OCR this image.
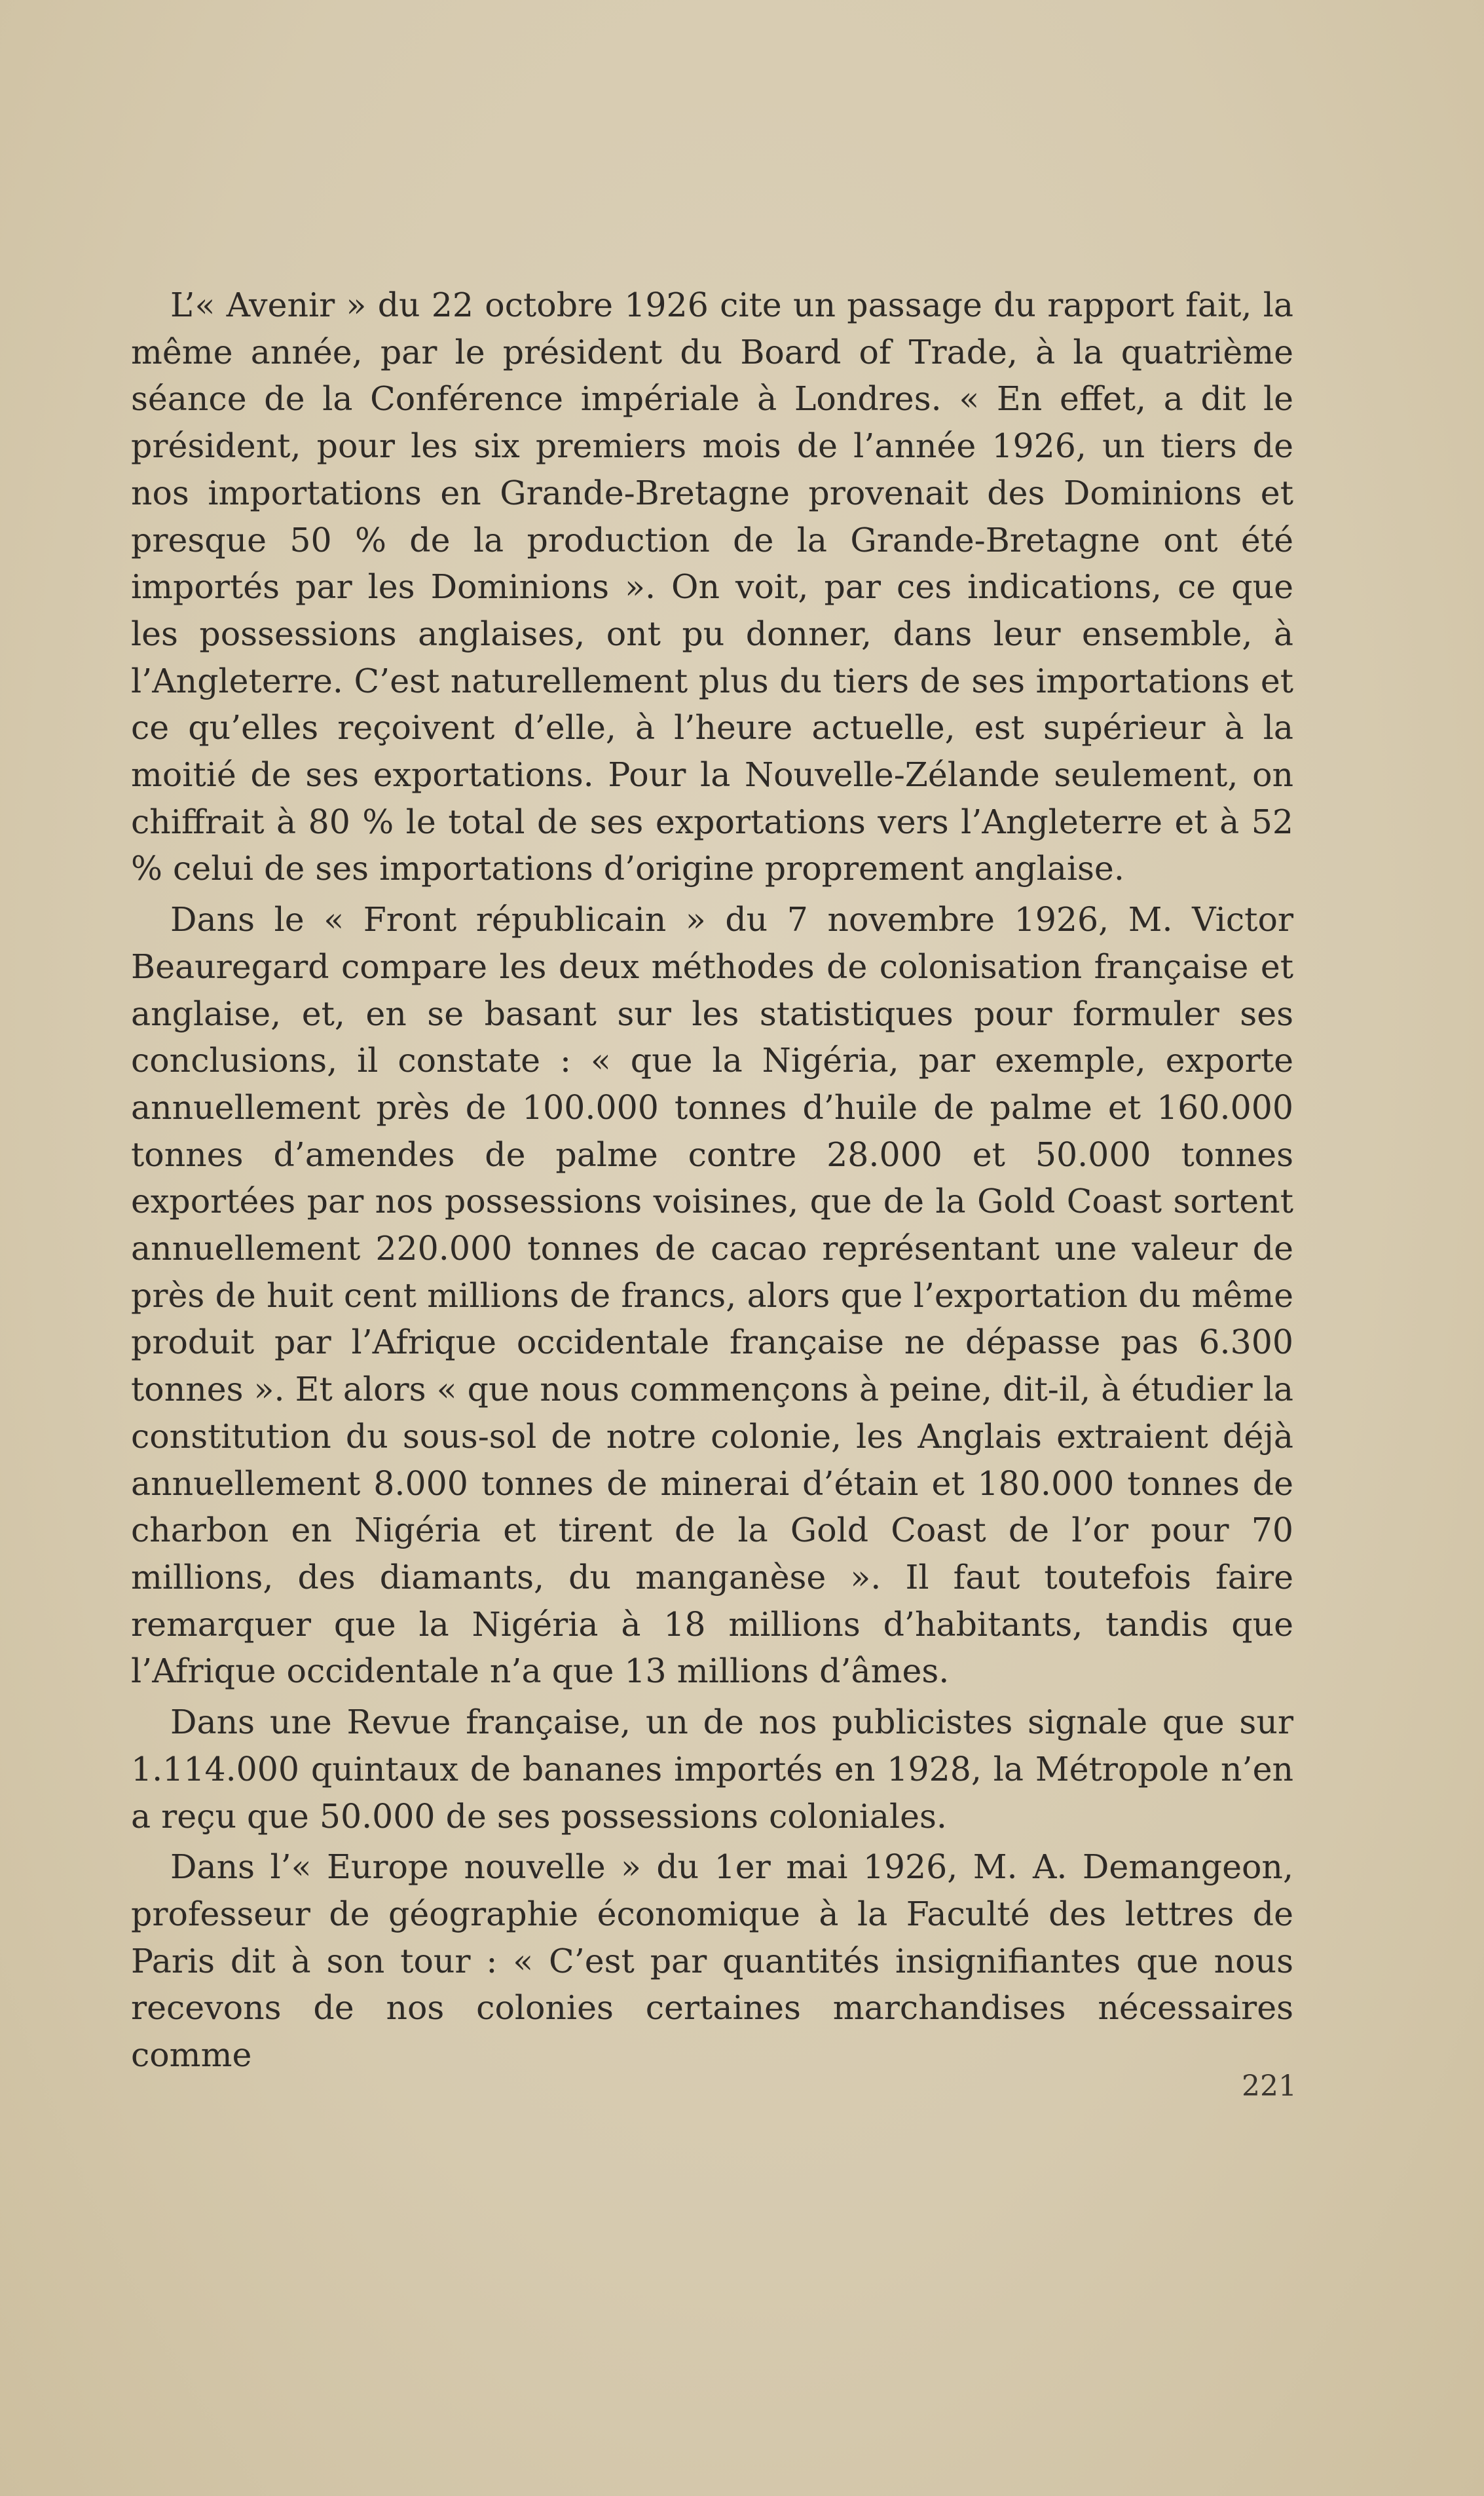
L’« Avenir » du 22 octobre 1926 cite un passage du rapport fait, la même année, par le président du Board of Trade, à la quatrième séance de la Conférence impériale à Londres. « En effet, a dit le président, pour les six premiers mois de l’année 1926, un tiers de nos importations en Grande-Bretagne provenait des Dominions et presque 50 % de la production de la Grande-Bretagne ont été importés par les Dominions ». On voit, par ces indications, ce que les possessions anglaises, ont pu donner, dans leur ensemble, à l’Angleterre. C’est naturellement plus du tiers de ses importations et ce qu’elles reçoivent d’elle, à l’heure actuelle, est supérieur à la moitié de ses exportations. Pour la Nouvelle-Zélande seulement, on chiffrait à 80 % le total de ses exportations vers l’Angleterre et à 52 % celui de ses importations d’origine proprement anglaise.

Dans le « Front républicain » du 7 novembre 1926, M. Victor Beauregard compare les deux méthodes de colonisation française et anglaise, et, en se basant sur les statistiques pour formuler ses conclusions, il constate : « que la Nigéria, par exemple, exporte annuellement près de 100.000 tonnes d’huile de palme et 160.000 tonnes d’amendes de palme contre 28.000 et 50.000 tonnes exportées par nos possessions voisines, que de la Gold Coast sortent annuellement 220.000 tonnes de cacao représentant une valeur de près de huit cent millions de francs, alors que l’exportation du même produit par l’Afrique occidentale française ne dépasse pas 6.300 tonnes ». Et alors « que nous commençons à peine, dit-il, à étudier la constitution du sous-sol de notre colonie, les Anglais extraient déjà annuellement 8.000 tonnes de minerai d’étain et 180.000 tonnes de charbon en Nigéria et tirent de la Gold Coast de l’or pour 70 millions, des diamants, du manganèse ». Il faut toutefois faire remarquer que la Nigéria à 18 millions d’habitants, tandis que l’Afrique occidentale n’a que 13 millions d’âmes.

Dans une Revue française, un de nos publicistes signale que sur 1.114.000 quintaux de bananes importés en 1928, la Métropole n’en a reçu que 50.000 de ses possessions coloniales.

Dans l’« Europe nouvelle » du 1er mai 1926, M. A. Demangeon, professeur de géographie économique à la Faculté des lettres de Paris dit à son tour : « C’est par quantités insignifiantes que nous recevons de nos colonies certaines marchandises nécessaires comme

221
